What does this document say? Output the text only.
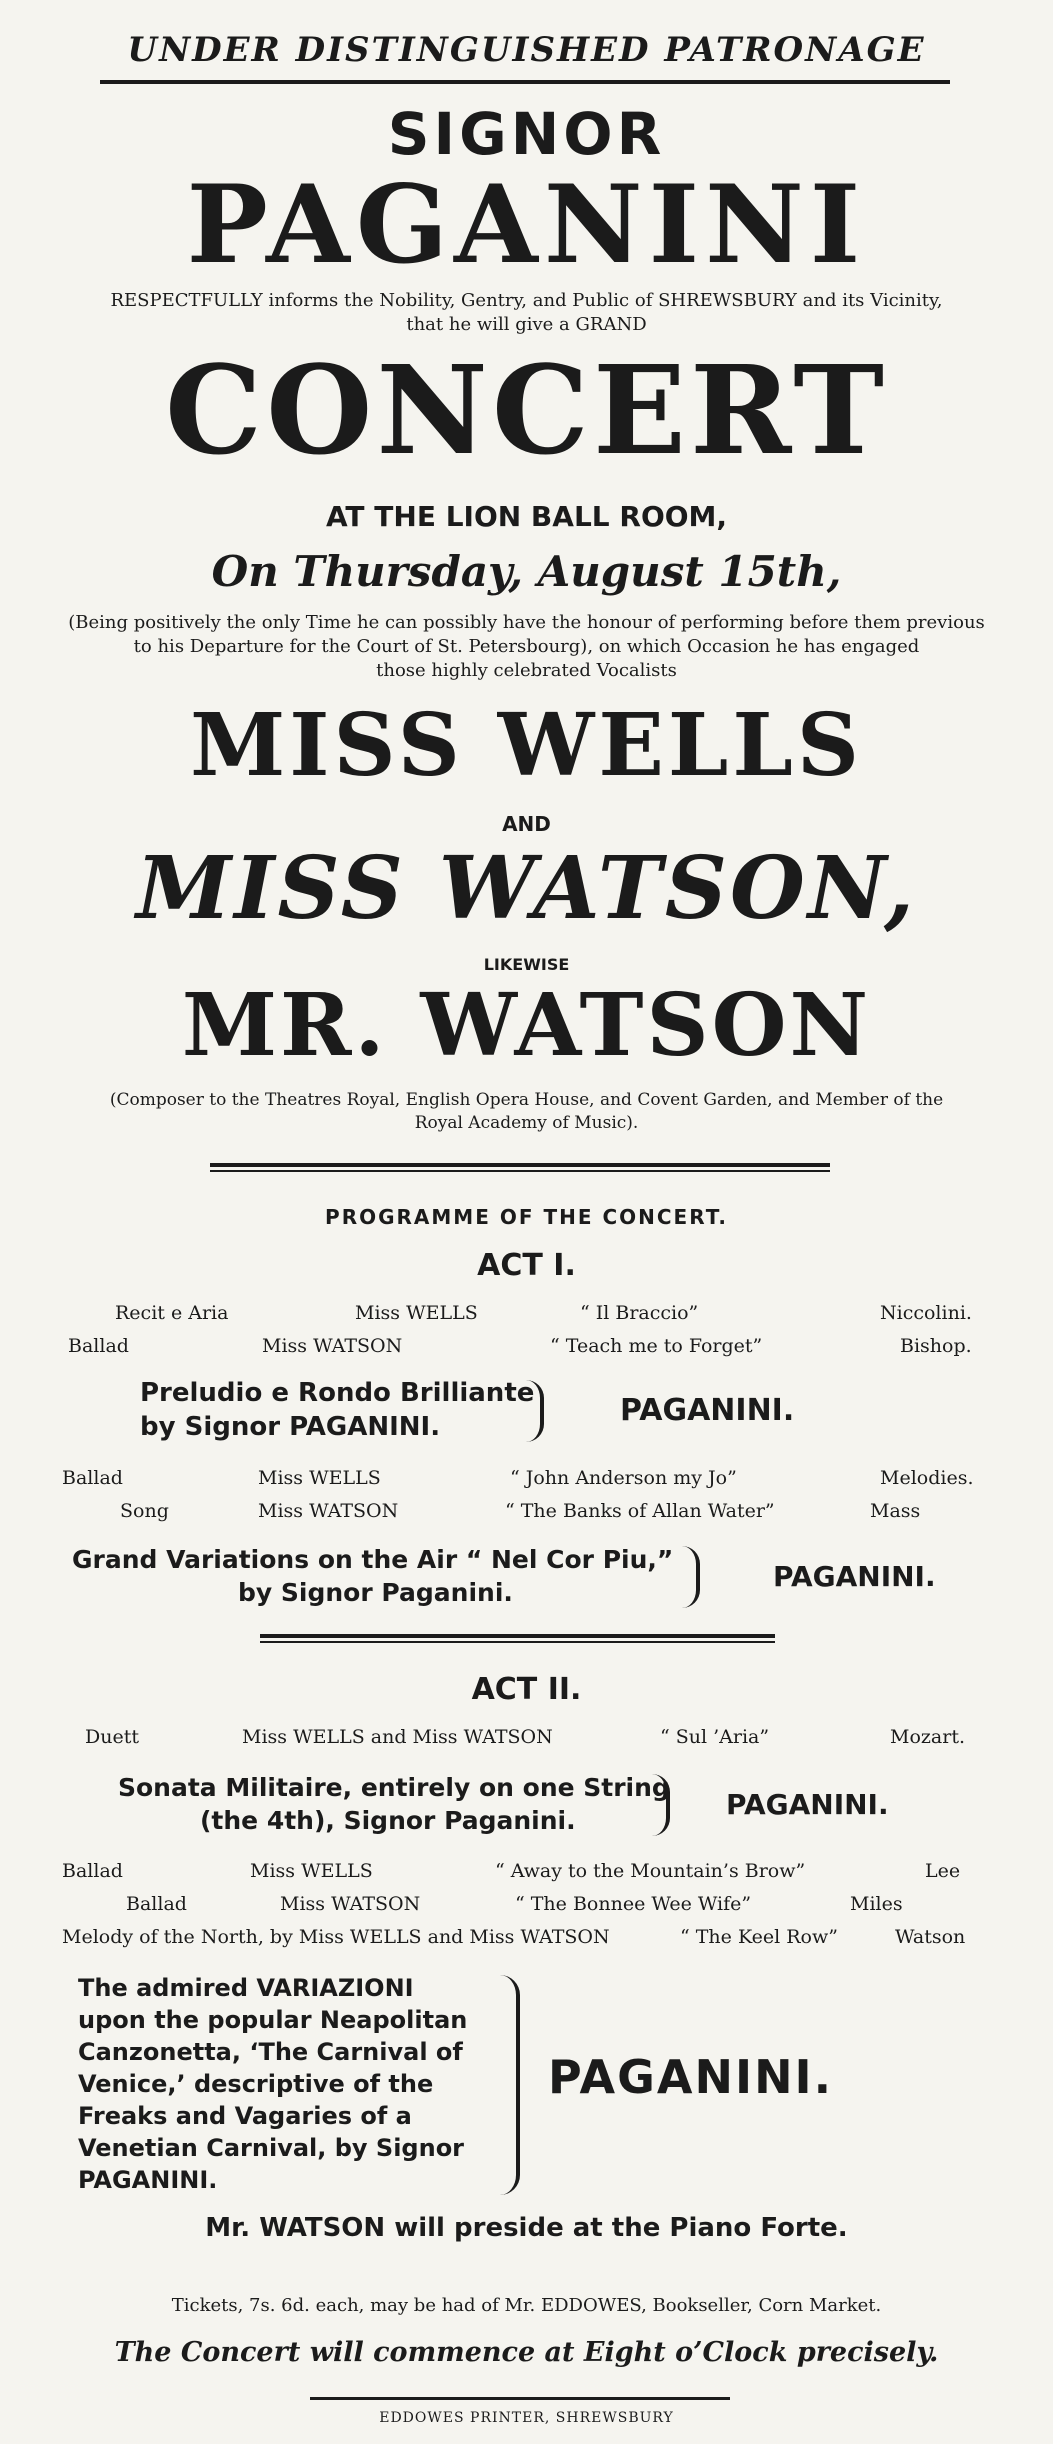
UNDER DISTINGUISHED PATRONAGE
SIGNOR
PAGANINI
RESPECTFULLY informs the Nobility, Gentry, and Public of SHREWSBURY and its Vicinity,
that he will give a GRAND
CONCERT
AT THE LION BALL ROOM,
On Thursday, August 15th,
(Being positively the only Time he can possibly have the honour of performing before them previous
to his Departure for the Court of St. Petersbourg), on which Occasion he has engaged
those highly celebrated Vocalists
MISS WELLS
AND
MISS WATSON,
LIKEWISE
MR. WATSON
(Composer to the Theatres Royal, English Opera House, and Covent Garden, and Member of the
Royal Academy of Music).
PROGRAMME OF THE CONCERT.
ACT I.
Recit e Aria	Miss WELLS	“ Il Braccio”	Niccolini.
Ballad	Miss WATSON	“ Teach me to Forget”	Bishop.
Preludio e Rondo Brilliante
by Signor PAGANINI.	PAGANINI.
Ballad	Miss WELLS	“ John Anderson my Jo”	Melodies.
Song	Miss WATSON	“ The Banks of Allan Water”	Mass
Grand Variations on the Air “ Nel Cor Piu,”
by Signor Paganini.	PAGANINI.
ACT II.
Duett	Miss WELLS and Miss WATSON	“ Sul ’Aria”	Mozart.
Sonata Militaire, entirely on one String
(the 4th), Signor Paganini.	PAGANINI.
Ballad	Miss WELLS	“ Away to the Mountain’s Brow”	Lee
Ballad	Miss WATSON	“ The Bonnee Wee Wife”	Miles
Melody of the North, by Miss WELLS and Miss WATSON	“ The Keel Row”	Watson
The admired VARIAZIONI
upon the popular Neapolitan
Canzonetta, ‘The Carnival of
Venice,’ descriptive of the
Freaks and Vagaries of a
Venetian Carnival, by Signor
PAGANINI.
PAGANINI.
Mr. WATSON will preside at the Piano Forte.
Tickets, 7s. 6d. each, may be had of Mr. EDDOWES, Bookseller, Corn Market.
The Concert will commence at Eight o’Clock precisely.
EDDOWES PRINTER, SHREWSBURY
